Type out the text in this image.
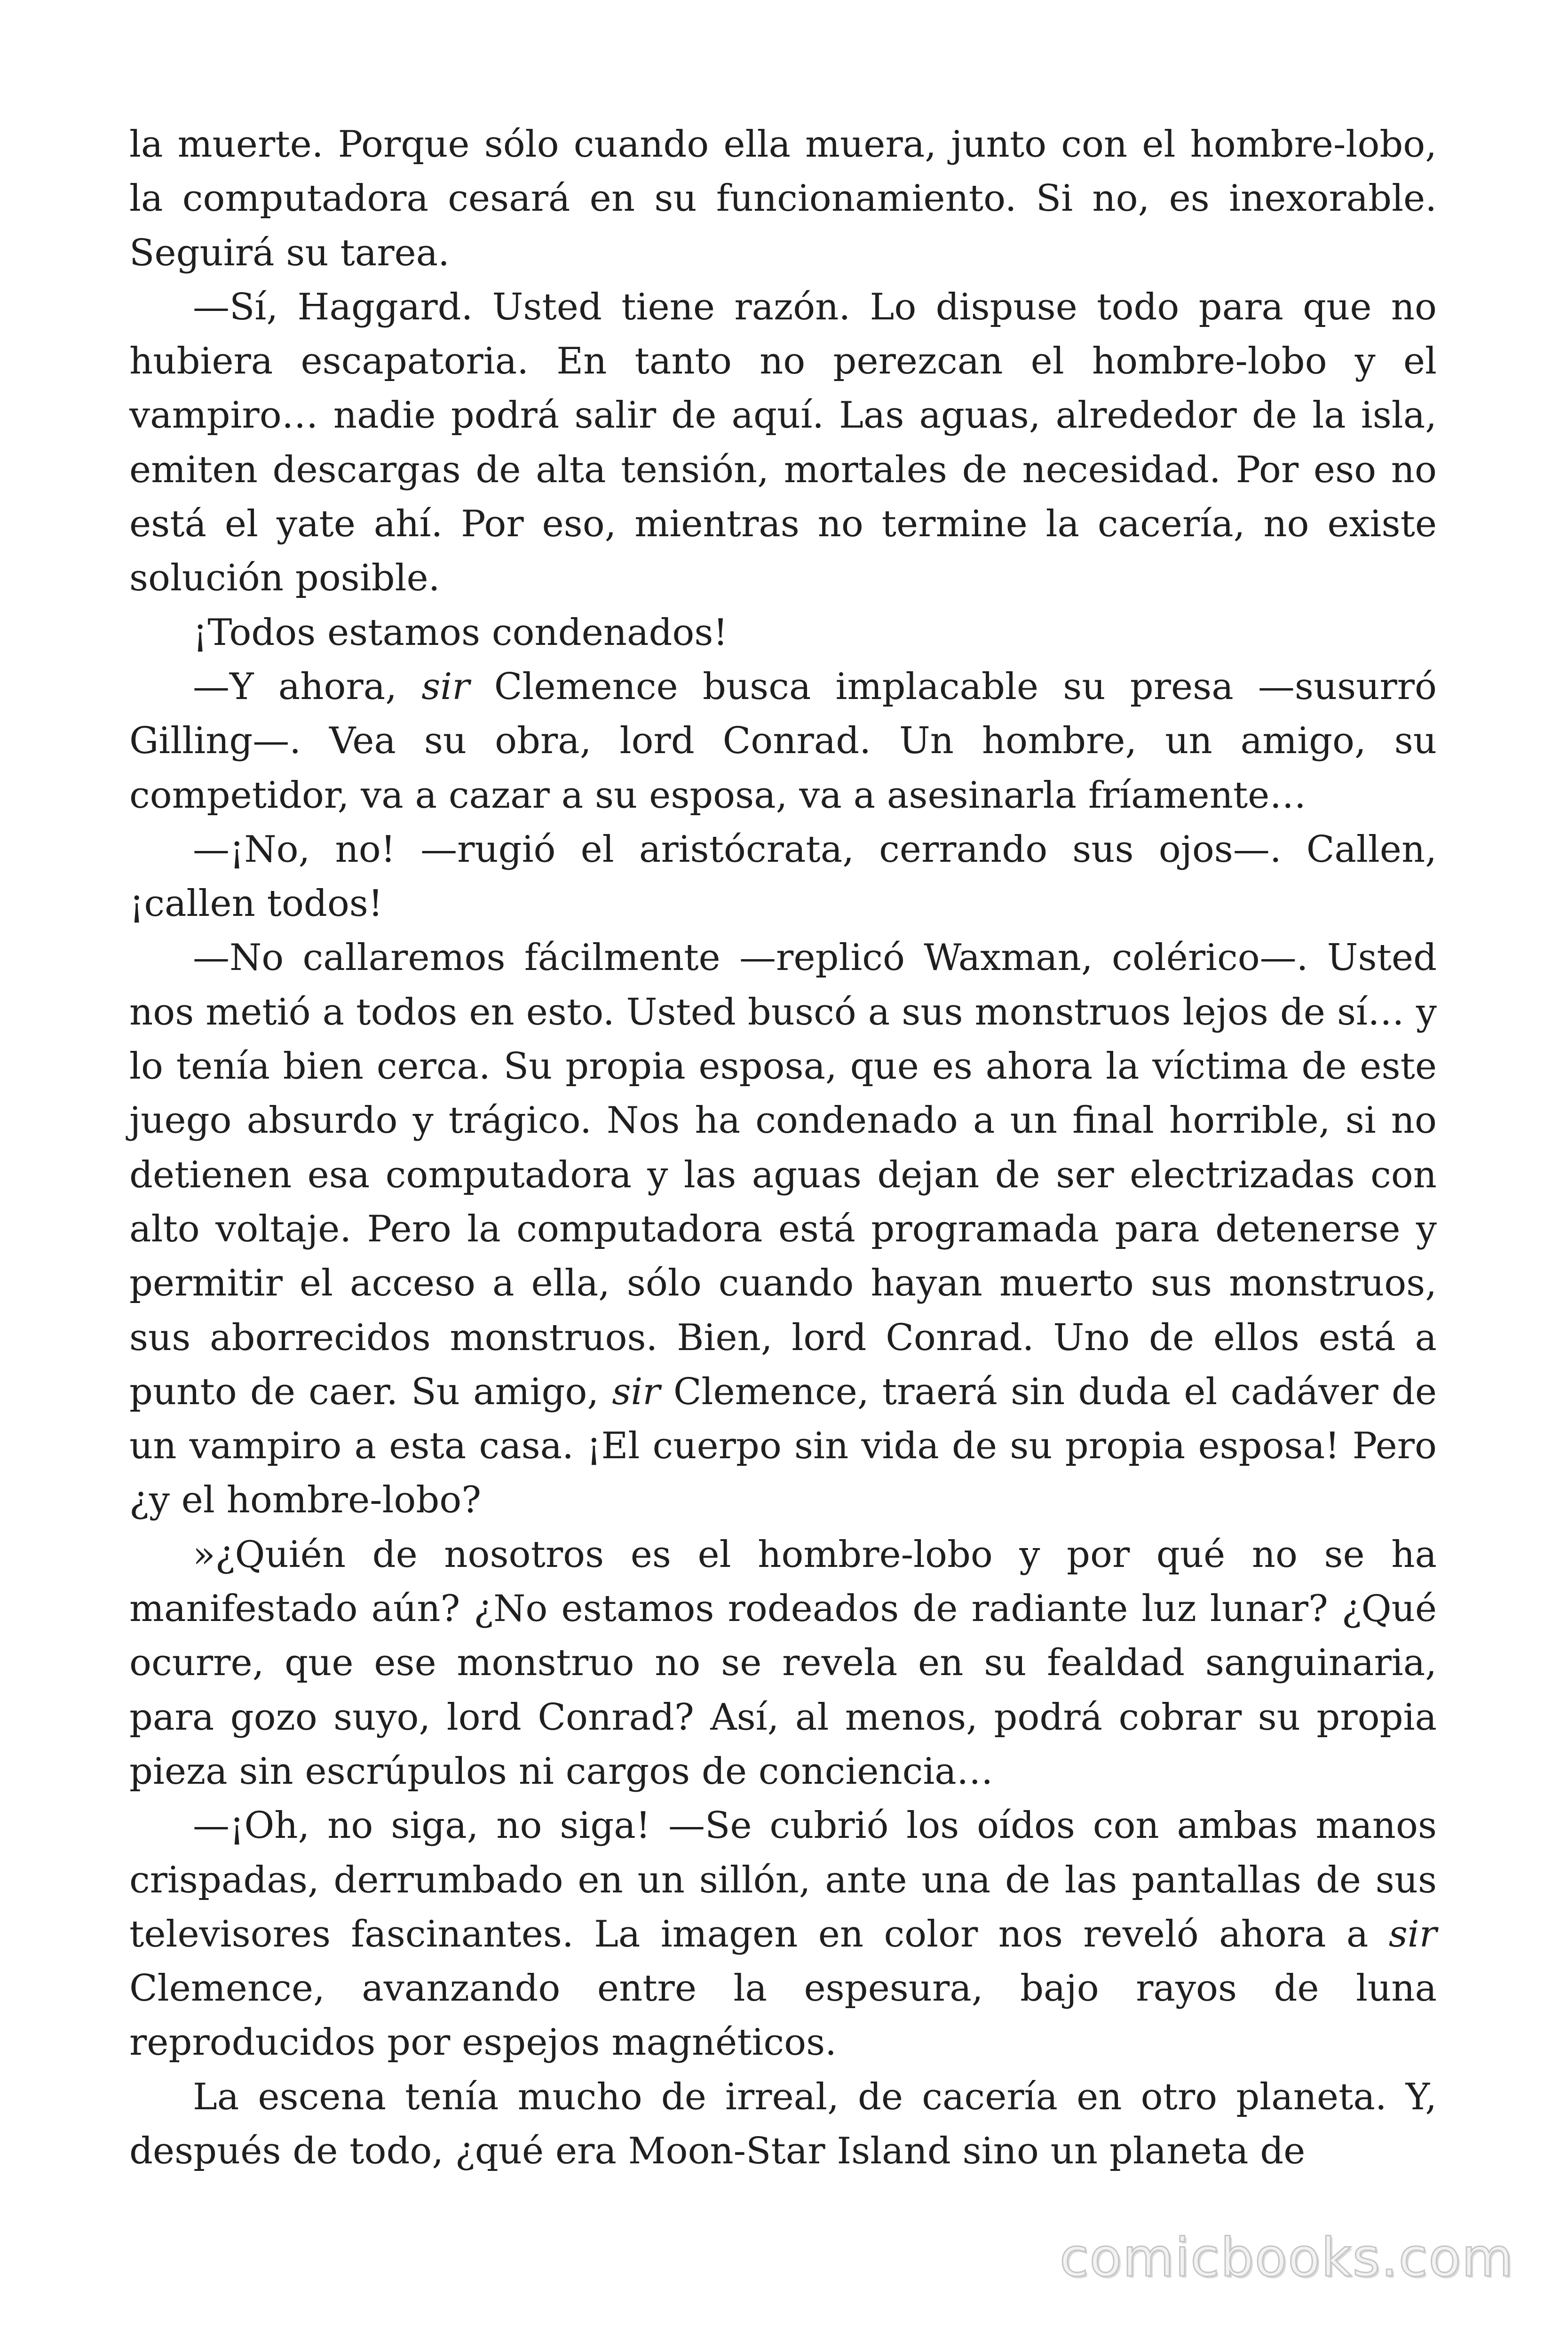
la muerte. Porque sólo cuando ella muera, junto con el hombre-lobo, la computadora cesará en su funcionamiento. Si no, es inexorable. Seguirá su tarea.

—Sí, Haggard. Usted tiene razón. Lo dispuse todo para que no hubiera escapatoria. En tanto no perezcan el hombre-lobo y el vampiro… nadie podrá salir de aquí. Las aguas, alrededor de la isla, emiten descargas de alta tensión, mortales de necesidad. Por eso no está el yate ahí. Por eso, mientras no termine la cacería, no existe solución posible.

¡Todos estamos condenados!

—Y ahora, sir Clemence busca implacable su presa —susurró Gilling—. Vea su obra, lord Conrad. Un hombre, un amigo, su competidor, va a cazar a su esposa, va a asesinarla fríamente…

—¡No, no! —rugió el aristócrata, cerrando sus ojos—. Callen, ¡callen todos!

—No callaremos fácilmente —replicó Waxman, colérico—. Usted nos metió a todos en esto. Usted buscó a sus monstruos lejos de sí… y lo tenía bien cerca. Su propia esposa, que es ahora la víctima de este juego absurdo y trágico. Nos ha condenado a un final horrible, si no detienen esa computadora y las aguas dejan de ser electrizadas con alto voltaje. Pero la computadora está programada para detenerse y permitir el acceso a ella, sólo cuando hayan muerto sus monstruos, sus aborrecidos monstruos. Bien, lord Conrad. Uno de ellos está a punto de caer. Su amigo, sir Clemence, traerá sin duda el cadáver de un vampiro a esta casa. ¡El cuerpo sin vida de su propia esposa! Pero ¿y el hombre-lobo?

»¿Quién de nosotros es el hombre-lobo y por qué no se ha manifestado aún? ¿No estamos rodeados de radiante luz lunar? ¿Qué ocurre, que ese monstruo no se revela en su fealdad sanguinaria, para gozo suyo, lord Conrad? Así, al menos, podrá cobrar su propia pieza sin escrúpulos ni cargos de conciencia…

—¡Oh, no siga, no siga! —Se cubrió los oídos con ambas manos crispadas, derrumbado en un sillón, ante una de las pantallas de sus televisores fascinantes. La imagen en color nos reveló ahora a sir Clemence, avanzando entre la espesura, bajo rayos de luna reproducidos por espejos magnéticos.

La escena tenía mucho de irreal, de cacería en otro planeta. Y, después de todo, ¿qué era Moon-Star Island sino un planeta de

comicbooks.com
